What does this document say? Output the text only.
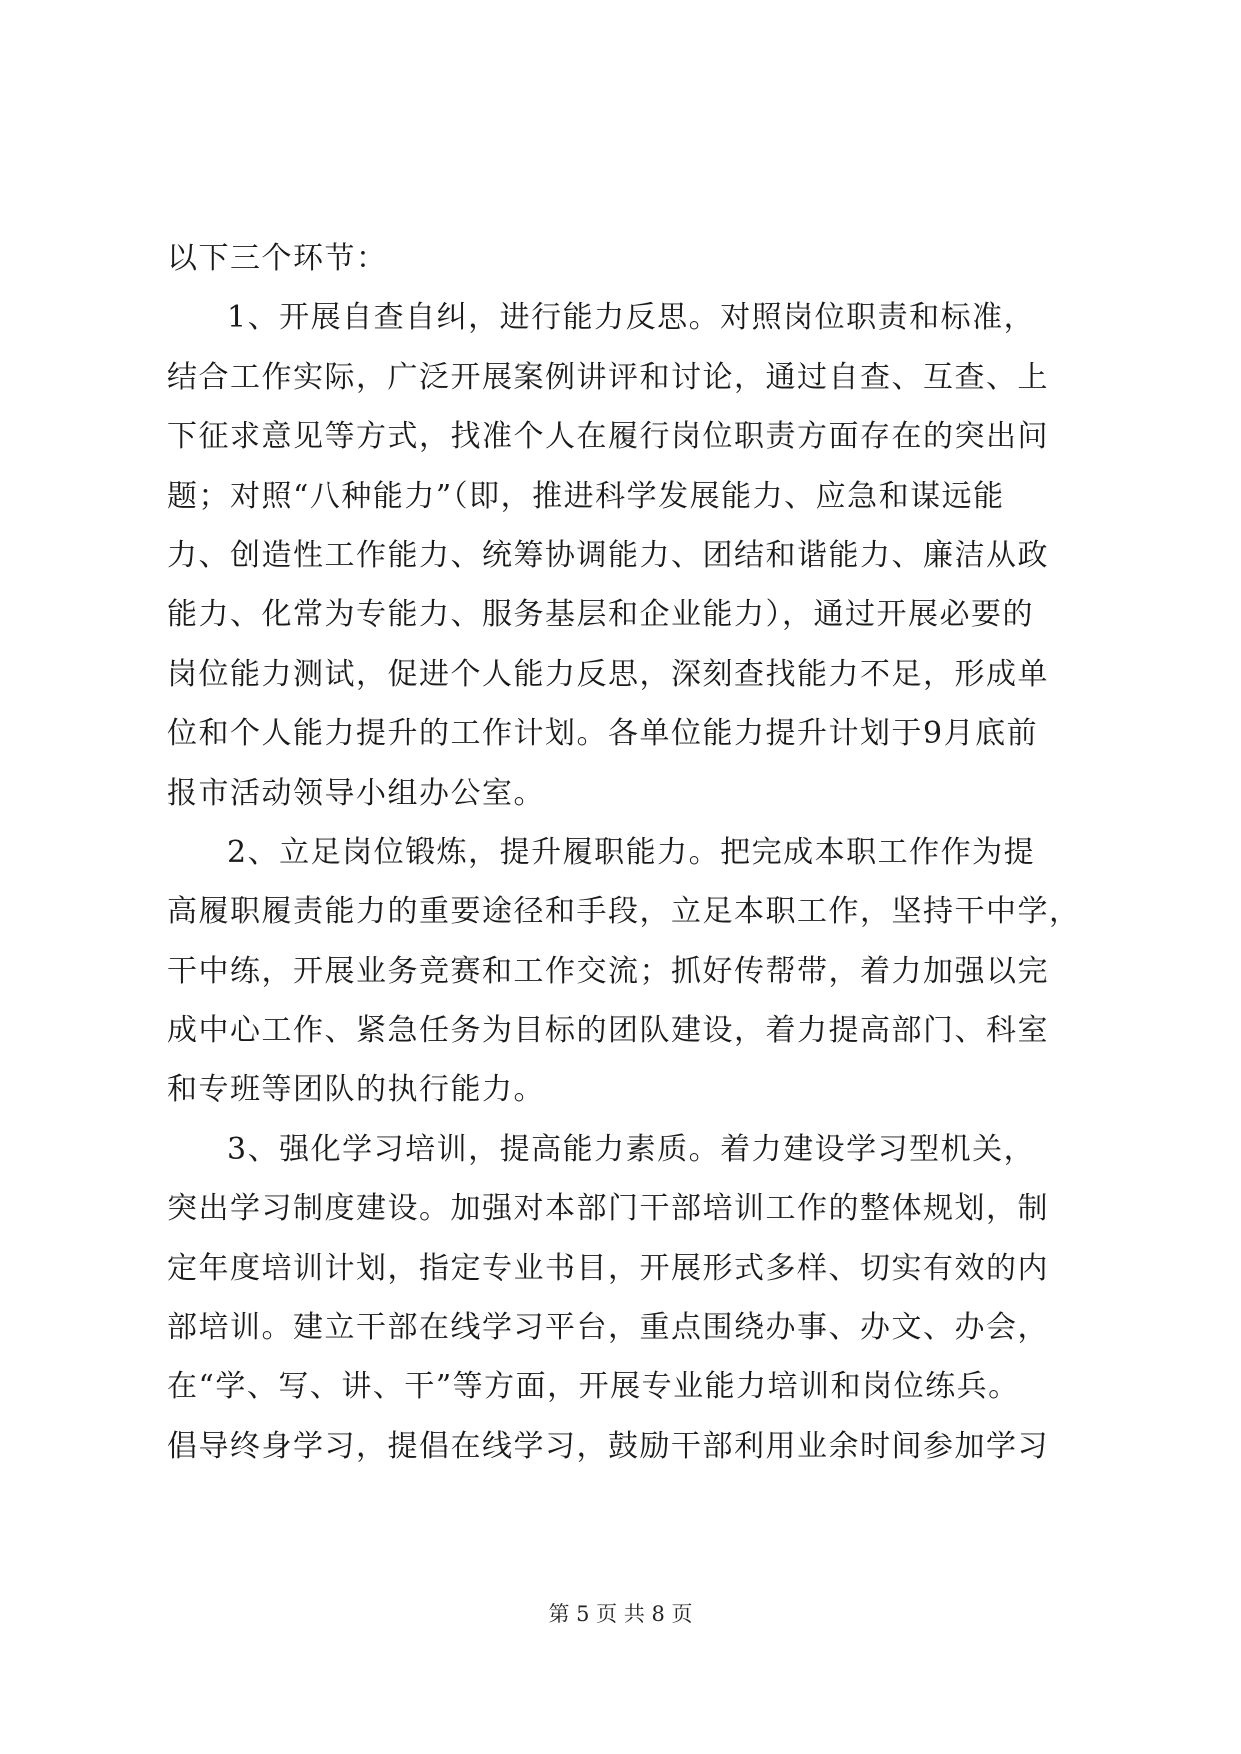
以下三个环节：
1、开展自查自纠，进行能力反思。对照岗位职责和标准，
结合工作实际，广泛开展案例讲评和讨论，通过自查、互查、上
下征求意见等方式，找准个人在履行岗位职责方面存在的突出问
题；对照“八种能力”（即，推进科学发展能力、应急和谋远能
力、创造性工作能力、统筹协调能力、团结和谐能力、廉洁从政
能力、化常为专能力、服务基层和企业能力），通过开展必要的
岗位能力测试，促进个人能力反思，深刻查找能力不足，形成单
位和个人能力提升的工作计划。各单位能力提升计划于9月底前
报市活动领导小组办公室。
2、立足岗位锻炼，提升履职能力。把完成本职工作作为提
高履职履责能力的重要途径和手段，立足本职工作，坚持干中学，
干中练，开展业务竞赛和工作交流；抓好传帮带，着力加强以完
成中心工作、紧急任务为目标的团队建设，着力提高部门、科室
和专班等团队的执行能力。
3、强化学习培训，提高能力素质。着力建设学习型机关，
突出学习制度建设。加强对本部门干部培训工作的整体规划，制
定年度培训计划，指定专业书目，开展形式多样、切实有效的内
部培训。建立干部在线学习平台，重点围绕办事、办文、办会，
在“学、写、讲、干”等方面，开展专业能力培训和岗位练兵。
倡导终身学习，提倡在线学习，鼓励干部利用业余时间参加学习
第 5 页 共 8 页
